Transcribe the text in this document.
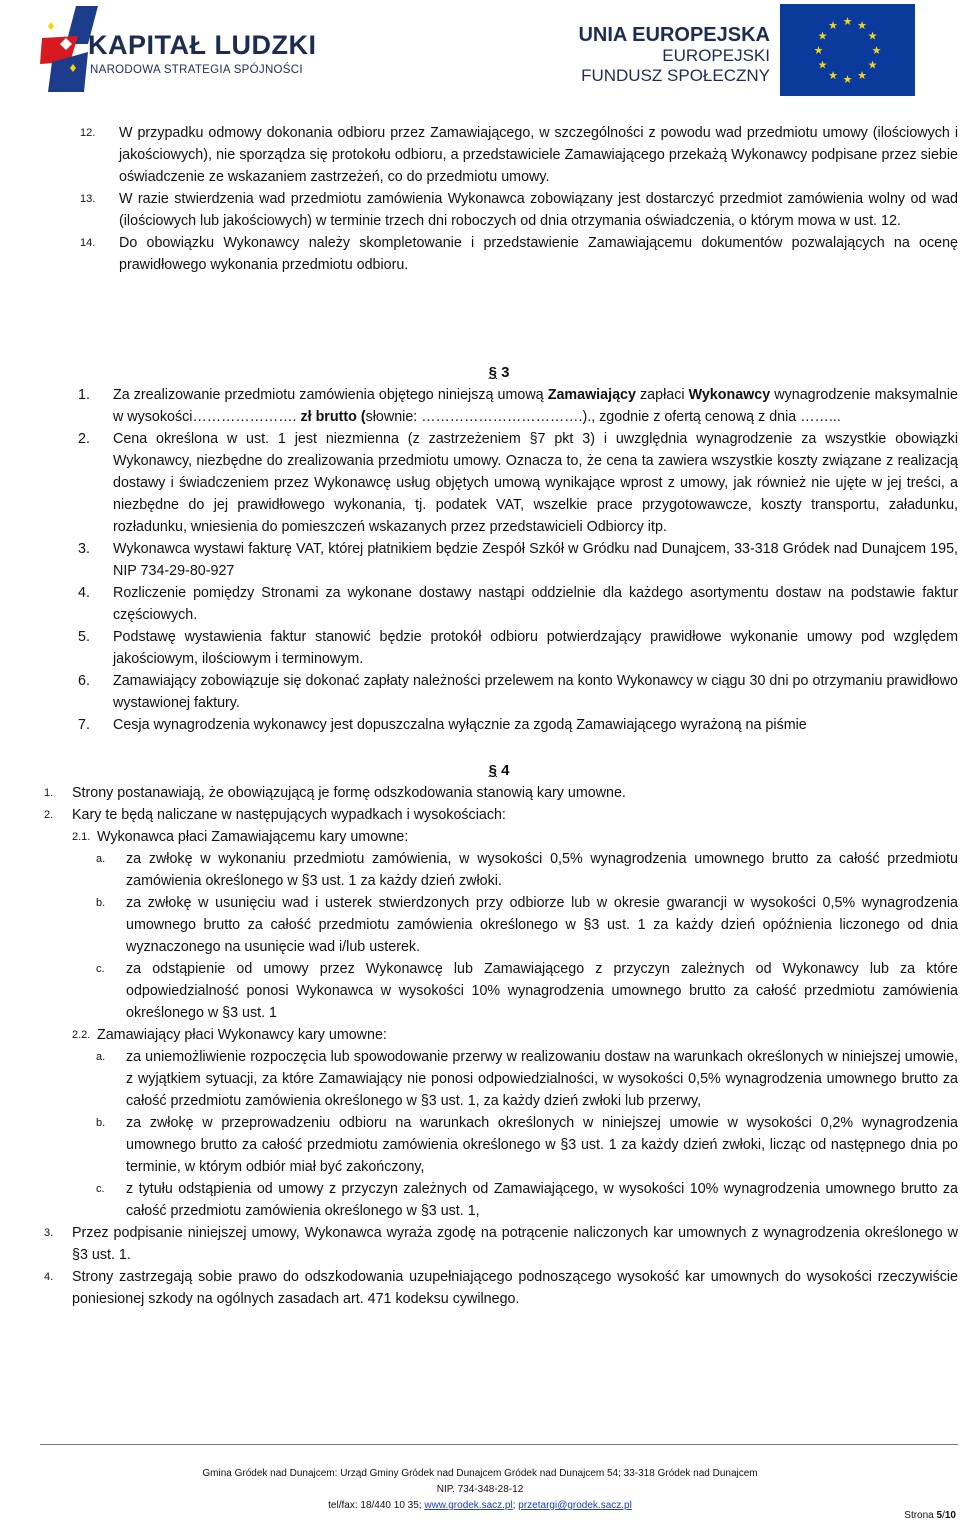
KAPITAŁ LUDZKI
NARODOWA STRATEGIA SPÓJNOŚCI
UNIA EUROPEJSKA
EUROPEJSKI
FUNDUSZ SPOŁECZNY
★ ★
★
★
★
★
★
★
★
★
★
★
12. W przypadku odmowy dokonania odbioru przez Zamawiającego, w szczególności z powodu wad przedmiotu umowy (ilościowych i jakościowych), nie sporządza się protokołu odbioru, a przedstawiciele Zamawiającego przekażą Wykonawcy podpisane przez siebie oświadczenie ze wskazaniem zastrzeżeń, co do przedmiotu umowy.
13. W razie stwierdzenia wad przedmiotu zamówienia Wykonawca zobowiązany jest dostarczyć przedmiot zamówienia wolny od wad (ilościowych lub jakościowych) w terminie trzech dni roboczych od dnia otrzymania oświadczenia, o którym mowa w ust. 12.
14. Do obowiązku Wykonawcy należy skompletowanie i przedstawienie Zamawiającemu dokumentów pozwalających na ocenę prawidłowego wykonania przedmiotu odbioru.
§ 3
1. Za zrealizowanie przedmiotu zamówienia objętego niniejszą umową Zamawiający zapłaci Wykonawcy wynagrodzenie maksymalnie w wysokości…………………. zł brutto (słownie: …………………………….)., zgodnie z ofertą cenową z dnia ……...
2. Cena określona w ust. 1 jest niezmienna (z zastrzeżeniem §7 pkt 3) i uwzględnia wynagrodzenie za wszystkie obowiązki Wykonawcy, niezbędne do zrealizowania przedmiotu umowy. Oznacza to, że cena ta zawiera wszystkie koszty związane z realizacją dostawy i świadczeniem przez Wykonawcę usług objętych umową wynikające wprost z umowy, jak również nie ujęte w jej treści, a niezbędne do jej prawidłowego wykonania, tj. podatek VAT, wszelkie prace przygotowawcze, koszty transportu, załadunku, rozładunku, wniesienia do pomieszczeń wskazanych przez przedstawicieli Odbiorcy itp.
3. Wykonawca wystawi fakturę VAT, której płatnikiem będzie Zespół Szkół w Gródku nad Dunajcem, 33-318 Gródek nad Dunajcem 195, NIP 734-29-80-927
4. Rozliczenie pomiędzy Stronami za wykonane dostawy nastąpi oddzielnie dla każdego asortymentu dostaw na podstawie faktur częściowych.
5. Podstawę wystawienia faktur stanowić będzie protokół odbioru potwierdzający prawidłowe wykonanie umowy pod względem jakościowym, ilościowym i terminowym.
6. Zamawiający zobowiązuje się dokonać zapłaty należności przelewem na konto Wykonawcy w ciągu 30 dni po otrzymaniu prawidłowo wystawionej faktury.
7. Cesja wynagrodzenia wykonawcy jest dopuszczalna wyłącznie za zgodą Zamawiającego wyrażoną na piśmie
§ 4
1. Strony postanawiają, że obowiązującą je formę odszkodowania stanowią kary umowne.
2. Kary te będą naliczane w następujących wypadkach i wysokościach:
2.1. Wykonawca płaci Zamawiającemu kary umowne:
a. za zwłokę w wykonaniu przedmiotu zamówienia, w wysokości 0,5% wynagrodzenia umownego brutto za całość przedmiotu zamówienia określonego w §3 ust. 1 za każdy dzień zwłoki.
b. za zwłokę w usunięciu wad i usterek stwierdzonych przy odbiorze lub w okresie gwarancji w wysokości 0,5% wynagrodzenia umownego brutto za całość przedmiotu zamówienia określonego w §3 ust. 1 za każdy dzień opóźnienia liczonego od dnia wyznaczonego na usunięcie wad i/lub usterek.
c. za odstąpienie od umowy przez Wykonawcę lub Zamawiającego z przyczyn zależnych od Wykonawcy lub za które odpowiedzialność ponosi Wykonawca w wysokości 10% wynagrodzenia umownego brutto za całość przedmiotu zamówienia określonego w §3 ust. 1
2.2. Zamawiający płaci Wykonawcy kary umowne:
a. za uniemożliwienie rozpoczęcia lub spowodowanie przerwy w realizowaniu dostaw na warunkach określonych w niniejszej umowie, z wyjątkiem sytuacji, za które Zamawiający nie ponosi odpowiedzialności, w wysokości 0,5% wynagrodzenia umownego brutto za całość przedmiotu zamówienia określonego w §3 ust. 1, za każdy dzień zwłoki lub przerwy,
b. za zwłokę w przeprowadzeniu odbioru na warunkach określonych w niniejszej umowie w wysokości 0,2% wynagrodzenia umownego brutto za całość przedmiotu zamówienia określonego w §3 ust. 1 za każdy dzień zwłoki, licząc od następnego dnia po terminie, w którym odbiór miał być zakończony,
c. z tytułu odstąpienia od umowy z przyczyn zależnych od Zamawiającego, w wysokości 10% wynagrodzenia umownego brutto za całość przedmiotu zamówienia określonego w §3 ust. 1,
3. Przez podpisanie niniejszej umowy, Wykonawca wyraża zgodę na potrącenie naliczonych kar umownych z wynagrodzenia określonego w §3 ust. 1.
4. Strony zastrzegają sobie prawo do odszkodowania uzupełniającego podnoszącego wysokość kar umownych do wysokości rzeczywiście poniesionej szkody na ogólnych zasadach art. 471 kodeksu cywilnego.
Gmina Gródek nad Dunajcem: Urząd Gminy Gródek nad Dunajcem Gródek nad Dunajcem 54; 33-318 Gródek nad Dunajcem
NIP. 734-348-28-12
tel/fax: 18/440 10 35; www.grodek.sacz.pl; przetargi@grodek.sacz.pl
Strona 5/10
